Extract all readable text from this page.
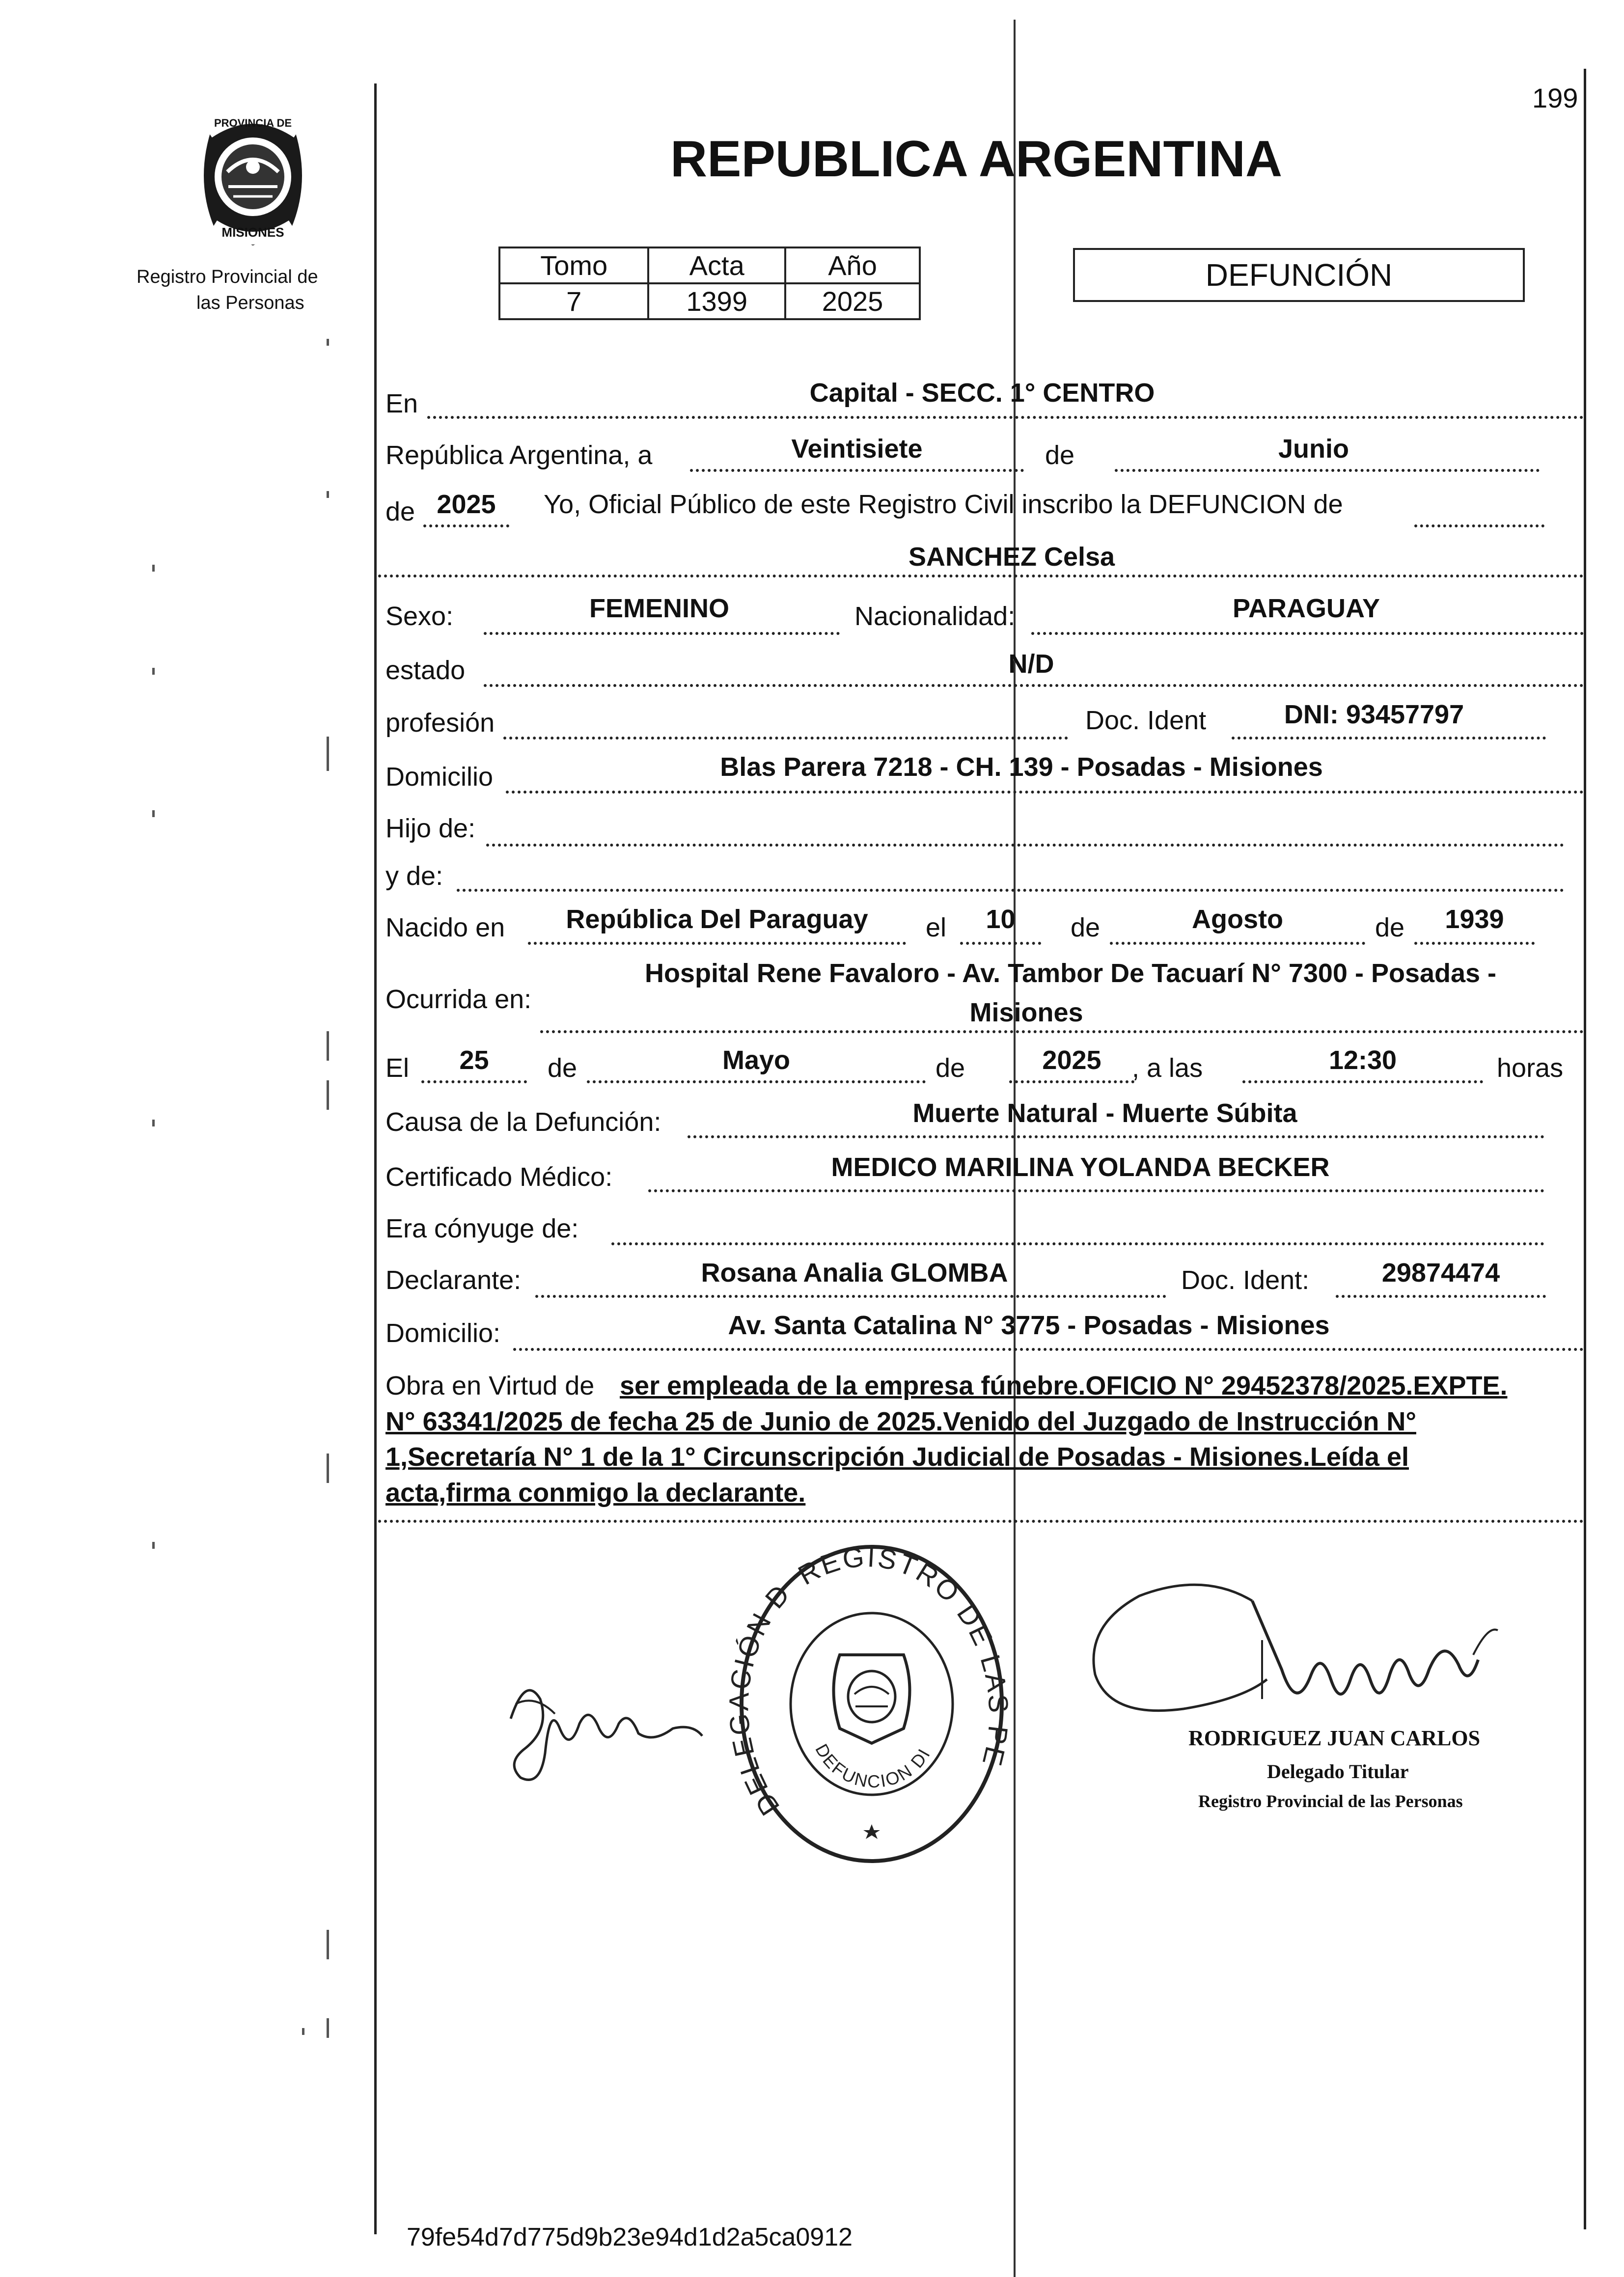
199
PROVINCIA DE
MISIONES
Registro Provincial de
las Personas
REPUBLICA ARGENTINA
Tomo	Acta	Año
7	1399	2025
DEFUNCIÓN
En	Capital - SECC. 1° CENTRO
República Argentina, a	Veintisiete	de	Junio
de 2025	Yo, Oficial Público de este Registro Civil inscribo la DEFUNCION de
SANCHEZ Celsa
Sexo:	FEMENINO	Nacionalidad:	PARAGUAY
estado	N/D
profesión	Doc. Ident	DNI: 93457797
Domicilio	Blas Parera 7218 - CH. 139 - Posadas - Misiones
Hijo de:
y de:
Nacido en	República Del Paraguay	el	10	de	Agosto	de	1939
Ocurrida en:
Hospital Rene Favaloro - Av. Tambor De Tacuarí N° 7300 - Posadas -
Misiones
El	25	de	Mayo	de	2025	, a las	12:30	horas
Causa de la Defunción:	Muerte Natural - Muerte Súbita
Certificado Médico:	MEDICO MARILINA YOLANDA BECKER
Era cónyuge de:
Declarante:	Rosana Analia GLOMBA	Doc. Ident:	29874474
Domicilio:	Av. Santa Catalina N° 3775 - Posadas - Misiones
Obra en Virtud de ser empleada de la empresa fúnebre.OFICIO N° 29452378/2025.EXPTE.
N° 63341/2025 de fecha 25 de Junio de 2025.Venido del Juzgado de Instrucción N°
1,Secretaría N° 1 de la 1° Circunscripción Judicial de Posadas - Misiones.Leída el
acta,firma conmigo la declarante.
DELE CIÓN D
REGISTRO DE LAS PE
DEFUNCION DI
RODRIGUEZ JUAN CARLOS
Delegado Titular
Registro Provincial de las Personas
79fe54d7d775d9b23e94d1d2a5ca0912
